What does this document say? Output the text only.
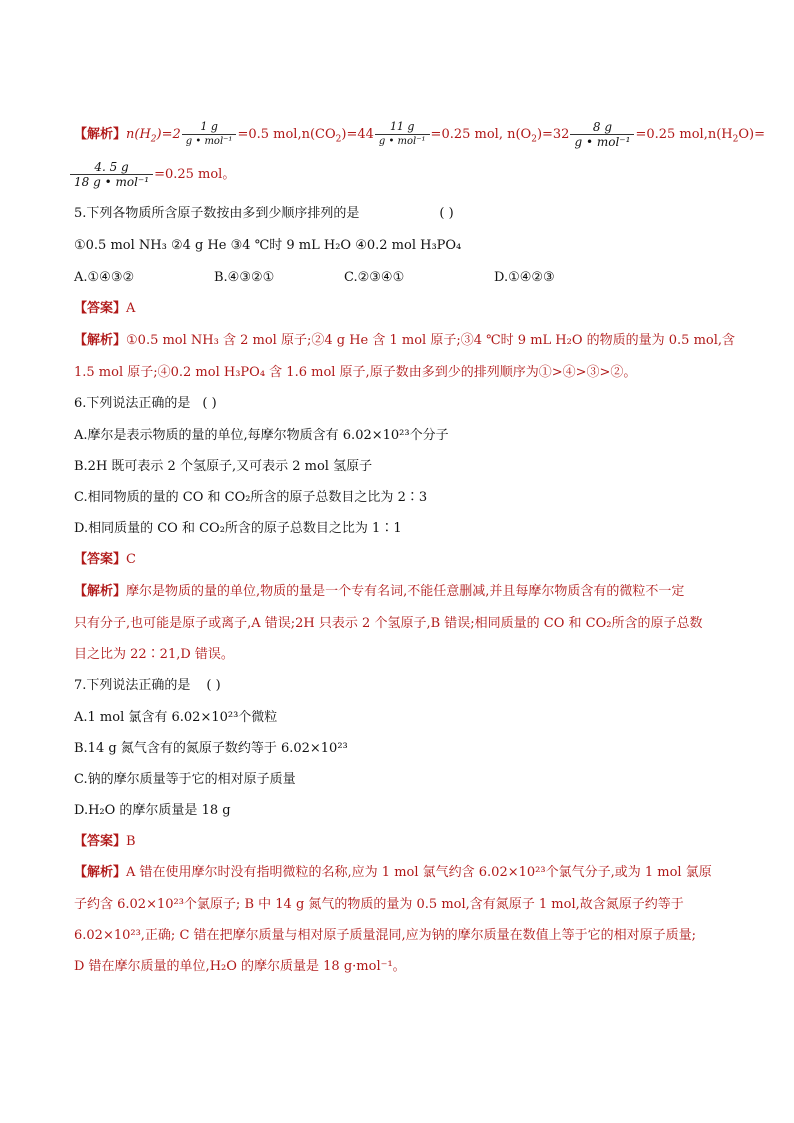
【解析】$n(H_2)=2 \frac{1 g}{\text{g • mol⁻¹}} =0.5$ $mol,n(CO_2)=44 \frac{11 g}{\text{g • mol⁻¹}} =0.25$ mol, $n(O_2)=32 \frac{8 g}{\text{g • mol⁻¹}} =0.25$ $mol,n(H_2O)=$
$\frac{4. 5 g}{\text{18 g • mol⁻¹}} =0.25$ mol。
5.下列各物质所含原子数按由多到少顺序排列的是	( )
①0.5 mol NH₃ ②4 g He ③4 ℃时 9 mL H₂O ④0.2 mol H₃PO₄
A.①④③②	B.④③②①	C.②③④①	D.①④②③
【答案】A
【解析】①0.5 mol NH₃ 含 2 mol 原子;②4 g He 含 1 mol 原子;③4 ℃时 9 mL H₂O 的物质的量为 0.5 mol,含
1.5 mol 原子;④0.2 mol H₃PO₄ 含 1.6 mol 原子,原子数由多到少的排列顺序为①>④>③>②。
6.下列说法正确的是 ( )
A.摩尔是表示物质的量的单位,每摩尔物质含有 6.02×10²³个分子
B.2H 既可表示 2 个氢原子,又可表示 2 mol 氢原子
C.相同物质的量的 CO 和 CO₂所含的原子总数目之比为 2∶3
D.相同质量的 CO 和 CO₂所含的原子总数目之比为 1∶1
【答案】C
【解析】摩尔是物质的量的单位,物质的量是一个专有名词,不能任意删减,并且每摩尔物质含有的微粒不一定
只有分子,也可能是原子或离子,A 错误;2H 只表示 2 个氢原子,B 错误;相同质量的 CO 和 CO₂所含的原子总数
目之比为 22∶21,D 错误。
7.下列说法正确的是 ( )
A.1 mol 氯含有 6.02×10²³个微粒
B.14 g 氮气含有的氮原子数约等于 6.02×10²³
C.钠的摩尔质量等于它的相对原子质量
D.H₂O 的摩尔质量是 18 g
【答案】B
【解析】A 错在使用摩尔时没有指明微粒的名称,应为 1 mol 氯气约含 6.02×10²³个氯气分子,或为 1 mol 氯原
子约含 6.02×10²³个氯原子; B 中 14 g 氮气的物质的量为 0.5 mol,含有氮原子 1 mol,故含氮原子约等于
6.02×10²³,正确; C 错在把摩尔质量与相对原子质量混同,应为钠的摩尔质量在数值上等于它的相对原子质量;
D 错在摩尔质量的单位,H₂O 的摩尔质量是 18 g·mol⁻¹。
